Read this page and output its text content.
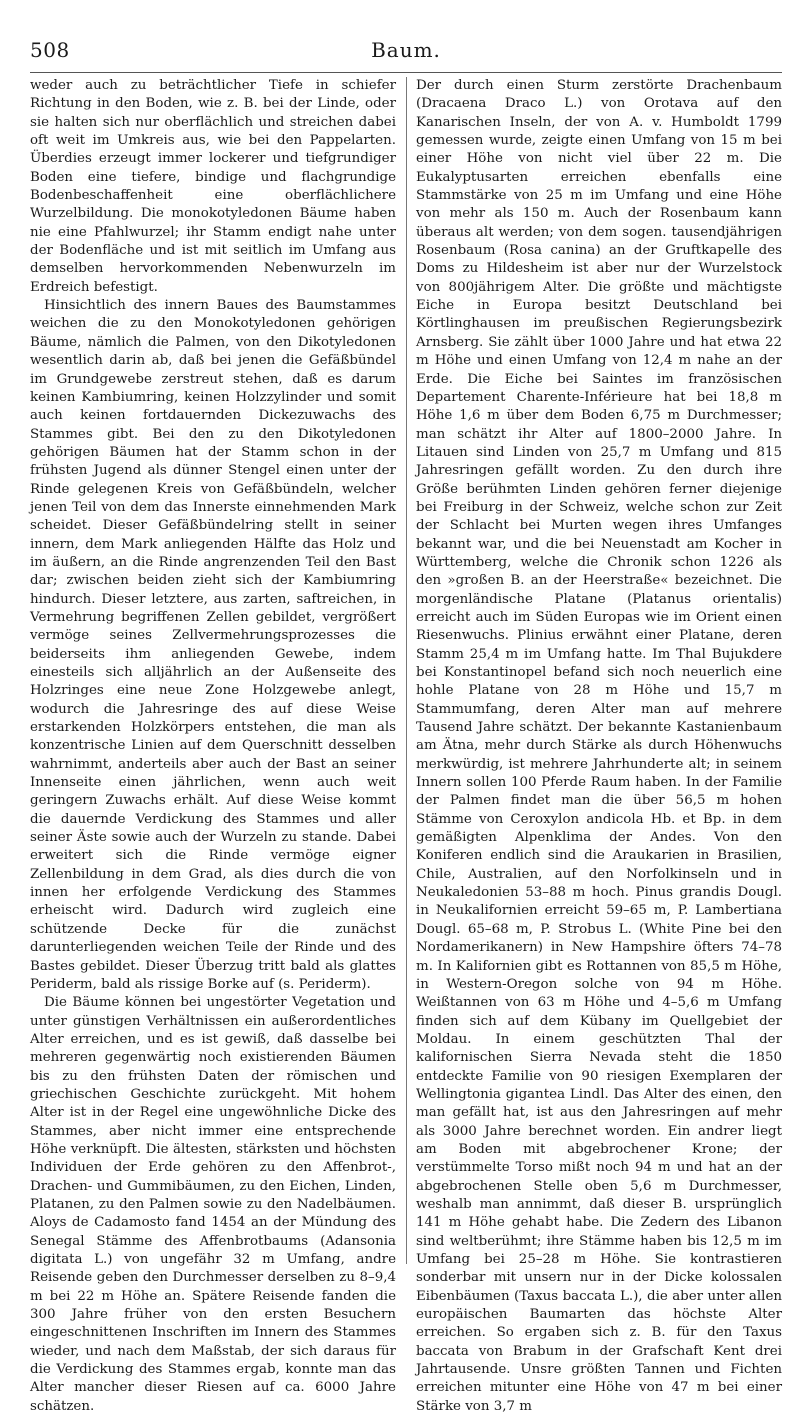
508	Baum.

weder auch zu beträchtlicher Tiefe in schiefer Richtung in den Boden, wie z. B. bei der Linde, oder sie halten sich nur oberflächlich und streichen dabei oft weit im Umkreis aus, wie bei den Pappelarten. Überdies erzeugt immer lockerer und tiefgrundiger Boden eine tiefere, bindige und flachgrundige Bodenbeschaffenheit eine oberflächlichere Wurzelbildung. Die monokotyledonen Bäume haben nie eine Pfahlwurzel; ihr Stamm endigt nahe unter der Bodenfläche und ist mit seitlich im Umfang aus demselben hervorkommenden Nebenwurzeln im Erdreich befestigt.

Hinsichtlich des innern Baues des Baumstammes weichen die zu den Monokotyledonen gehörigen Bäume, nämlich die Palmen, von den Dikotyledonen wesentlich darin ab, daß bei jenen die Gefäßbündel im Grundgewebe zerstreut stehen, daß es darum keinen Kambiumring, keinen Holzzylinder und somit auch keinen fortdauernden Dickezuwachs des Stammes gibt. Bei den zu den Dikotyledonen gehörigen Bäumen hat der Stamm schon in der frühsten Jugend als dünner Stengel einen unter der Rinde gelegenen Kreis von Gefäßbündeln, welcher jenen Teil von dem das Innerste einnehmenden Mark scheidet. Dieser Gefäßbündelring stellt in seiner innern, dem Mark anliegenden Hälfte das Holz und im äußern, an die Rinde angrenzenden Teil den Bast dar; zwischen beiden zieht sich der Kambiumring hindurch. Dieser letztere, aus zarten, saftreichen, in Vermehrung begriffenen Zellen gebildet, vergrößert vermöge seines Zellvermehrungsprozesses die beiderseits ihm anliegenden Gewebe, indem einesteils sich alljährlich an der Außenseite des Holzringes eine neue Zone Holzgewebe anlegt, wodurch die Jahresringe des auf diese Weise erstarkenden Holzkörpers entstehen, die man als konzentrische Linien auf dem Querschnitt desselben wahrnimmt, anderteils aber auch der Bast an seiner Innenseite einen jährlichen, wenn auch weit geringern Zuwachs erhält. Auf diese Weise kommt die dauernde Verdickung des Stammes und aller seiner Äste sowie auch der Wurzeln zu stande. Dabei erweitert sich die Rinde vermöge eigner Zellenbildung in dem Grad, als dies durch die von innen her erfolgende Verdickung des Stammes erheischt wird. Dadurch wird zugleich eine schützende Decke für die zunächst darunterliegenden weichen Teile der Rinde und des Bastes gebildet. Dieser Überzug tritt bald als glattes Periderm, bald als rissige Borke auf (s. Periderm).

Die Bäume können bei ungestörter Vegetation und unter günstigen Verhältnissen ein außerordentliches Alter erreichen, und es ist gewiß, daß dasselbe bei mehreren gegenwärtig noch existierenden Bäumen bis zu den frühsten Daten der römischen und griechischen Geschichte zurückgeht. Mit hohem Alter ist in der Regel eine ungewöhnliche Dicke des Stammes, aber nicht immer eine entsprechende Höhe verknüpft. Die ältesten, stärksten und höchsten Individuen der Erde gehören zu den Affenbrot-, Drachen- und Gummibäumen, zu den Eichen, Linden, Platanen, zu den Palmen sowie zu den Nadelbäumen. Aloys de Cadamosto fand 1454 an der Mündung des Senegal Stämme des Affenbrotbaums (Adansonia digitata L.) von ungefähr 32 m Umfang, andre Reisende geben den Durchmesser derselben zu 8–9,4 m bei 22 m Höhe an. Spätere Reisende fanden die 300 Jahre früher von den ersten Besuchern eingeschnittenen Inschriften im Innern des Stammes wieder, und nach dem Maßstab, der sich daraus für die Verdickung des Stammes ergab, konnte man das Alter mancher dieser Riesen auf ca. 6000 Jahre schätzen.

Der durch einen Sturm zerstörte Drachenbaum (Dracaena Draco L.) von Orotava auf den Kanarischen Inseln, der von A. v. Humboldt 1799 gemessen wurde, zeigte einen Umfang von 15 m bei einer Höhe von nicht viel über 22 m. Die Eukalyptusarten erreichen ebenfalls eine Stammstärke von 25 m im Umfang und eine Höhe von mehr als 150 m. Auch der Rosenbaum kann überaus alt werden; von dem sogen. tausendjährigen Rosenbaum (Rosa canina) an der Gruftkapelle des Doms zu Hildesheim ist aber nur der Wurzelstock von 800jährigem Alter. Die größte und mächtigste Eiche in Europa besitzt Deutschland bei Körtlinghausen im preußischen Regierungsbezirk Arnsberg. Sie zählt über 1000 Jahre und hat etwa 22 m Höhe und einen Umfang von 12,4 m nahe an der Erde. Die Eiche bei Saintes im französischen Departement Charente-Inférieure hat bei 18,8 m Höhe 1,6 m über dem Boden 6,75 m Durchmesser; man schätzt ihr Alter auf 1800–2000 Jahre. In Litauen sind Linden von 25,7 m Umfang und 815 Jahresringen gefällt worden. Zu den durch ihre Größe berühmten Linden gehören ferner diejenige bei Freiburg in der Schweiz, welche schon zur Zeit der Schlacht bei Murten wegen ihres Umfanges bekannt war, und die bei Neuenstadt am Kocher in Württemberg, welche die Chronik schon 1226 als den »großen B. an der Heerstraße« bezeichnet. Die morgenländische Platane (Platanus orientalis) erreicht auch im Süden Europas wie im Orient einen Riesenwuchs. Plinius erwähnt einer Platane, deren Stamm 25,4 m im Umfang hatte. Im Thal Bujukdere bei Konstantinopel befand sich noch neuerlich eine hohle Platane von 28 m Höhe und 15,7 m Stammumfang, deren Alter man auf mehrere Tausend Jahre schätzt. Der bekannte Kastanienbaum am Ätna, mehr durch Stärke als durch Höhenwuchs merkwürdig, ist mehrere Jahrhunderte alt; in seinem Innern sollen 100 Pferde Raum haben. In der Familie der Palmen findet man die über 56,5 m hohen Stämme von Ceroxylon andicola Hb. et Bp. in dem gemäßigten Alpenklima der Andes. Von den Koniferen endlich sind die Araukarien in Brasilien, Chile, Australien, auf den Norfolkinseln und in Neukaledonien 53–88 m hoch. Pinus grandis Dougl. in Neukalifornien erreicht 59–65 m, P. Lambertiana Dougl. 65–68 m, P. Strobus L. (White Pine bei den Nordamerikanern) in New Hampshire öfters 74–78 m. In Kalifornien gibt es Rottannen von 85,5 m Höhe, in Western-Oregon solche von 94 m Höhe. Weißtannen von 63 m Höhe und 4–5,6 m Umfang finden sich auf dem Kübany im Quellgebiet der Moldau. In einem geschützten Thal der kalifornischen Sierra Nevada steht die 1850 entdeckte Familie von 90 riesigen Exemplaren der Wellingtonia gigantea Lindl. Das Alter des einen, den man gefällt hat, ist aus den Jahresringen auf mehr als 3000 Jahre berechnet worden. Ein andrer liegt am Boden mit abgebrochener Krone; der verstümmelte Torso mißt noch 94 m und hat an der abgebrochenen Stelle oben 5,6 m Durchmesser, weshalb man annimmt, daß dieser B. ursprünglich 141 m Höhe gehabt habe. Die Zedern des Libanon sind weltberühmt; ihre Stämme haben bis 12,5 m im Umfang bei 25–28 m Höhe. Sie kontrastieren sonderbar mit unsern nur in der Dicke kolossalen Eibenbäumen (Taxus baccata L.), die aber unter allen europäischen Baumarten das höchste Alter erreichen. So ergaben sich z. B. für den Taxus baccata von Brabum in der Grafschaft Kent drei Jahrtausende. Unsre größten Tannen und Fichten erreichen mitunter eine Höhe von 47 m bei einer Stärke von 3,7 m
